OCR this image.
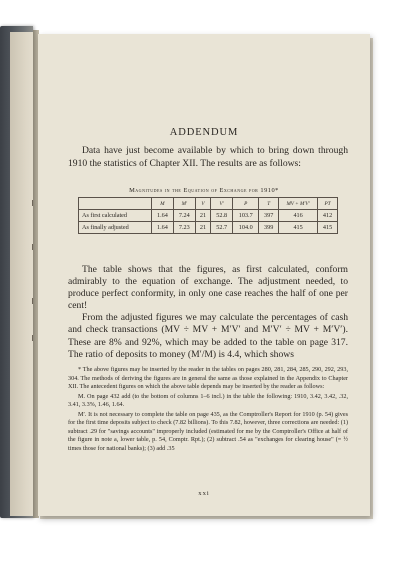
ADDENDUM

Data have just become available by which to bring down through 1910 the statistics of Chapter XII. The results are as follows:

Magnitudes in the Equation of Exchange for 1910*
	M	M′	V	V′	P	T	MV + M′V′	PT
As first calculated	1.64	7.24	21	52.8	103.7	397	416	412
As finally adjusted	1.64	7.23	21	52.7	104.0	399	415	415

The table shows that the figures, as first calculated, conform admirably to the equation of exchange. The adjustment needed, to produce perfect conformity, in only one case reaches the half of one per cent!

From the adjusted figures we may calculate the percentages of cash and check transactions (MV ÷ MV + M′V′ and M′V′ ÷ MV + M′V′). These are 8% and 92%, which may be added to the table on page 317. The ratio of deposits to money (M′/M) is 4.4, which shows

* The above figures may be inserted by the reader in the tables on pages 280, 281, 284, 285, 290, 292, 293, 304. The methods of deriving the figures are in general the same as those explained in the Appendix to Chapter XII. The antecedent figures on which the above table depends may be inserted by the reader as follows:

M. On page 432 add (to the bottom of columns 1–6 incl.) in the table the following: 1910, 3.42, 3.42, .32, 3.41, 3.3%, 1.46, 1.64.

M′. It is not necessary to complete the table on page 435, as the Comptroller's Report for 1910 (p. 54) gives for the first time deposits subject to check (7.82 billions). To this 7.82, however, three corrections are needed: (1) subtract .29 for "savings accounts" improperly included (estimated for me by the Comptroller's Office at half of the figure in note a, lower table, p. 54, Comptr. Rpt.); (2) subtract .54 as "exchanges for clearing house" (= ½ times those for national banks); (3) add .35

xxi
